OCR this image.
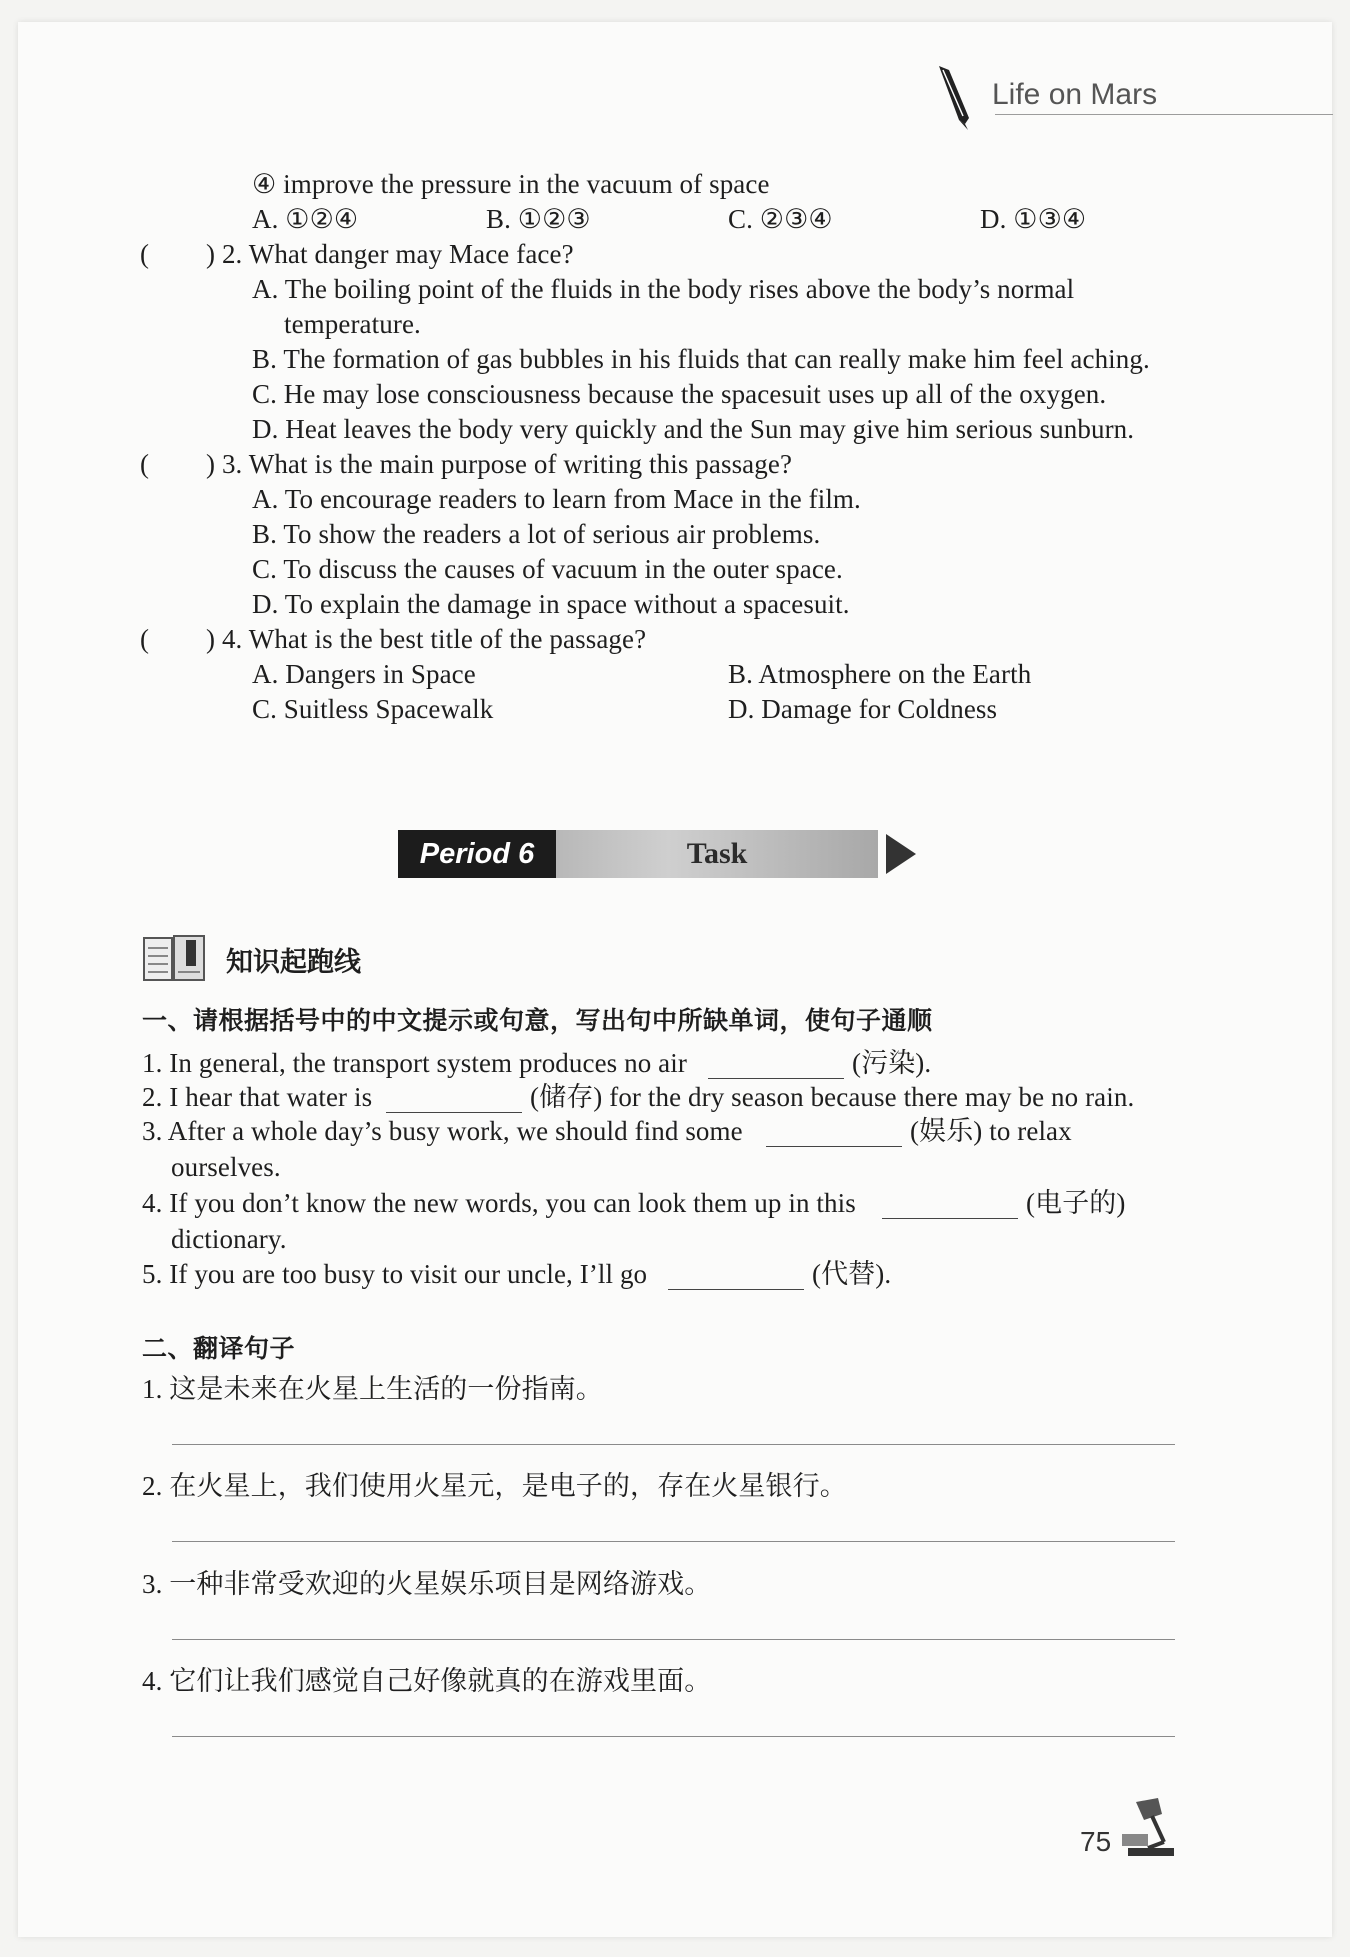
Life on Mars
④ improve the pressure in the vacuum of space
A. ①②④	B. ①②③	C. ②③④	D. ①③④
( ) 2. What danger may Mace face?
A. The boiling point of the fluids in the body rises above the body’s normal
temperature.
B. The formation of gas bubbles in his fluids that can really make him feel aching.
C. He may lose consciousness because the spacesuit uses up all of the oxygen.
D. Heat leaves the body very quickly and the Sun may give him serious sunburn.
( ) 3. What is the main purpose of writing this passage?
A. To encourage readers to learn from Mace in the film.
B. To show the readers a lot of serious air problems.
C. To discuss the causes of vacuum in the outer space.
D. To explain the damage in space without a spacesuit.
( ) 4. What is the best title of the passage?
A. Dangers in Space	B. Atmosphere on the Earth
C. Suitless Spacewalk	D. Damage for Coldness
Period 6	Task
知识起跑线
一、请根据括号中的中文提示或句意，写出句中所缺单词，使句子通顺
1. In general, the transport system produces no air	(污染).
2. I hear that water is	(储存) for the dry season because there may be no rain.
3. After a whole day’s busy work, we should find some	(娱乐) to relax
ourselves.
4. If you don’t know the new words, you can look them up in this	(电子的)
dictionary.
5. If you are too busy to visit our uncle, I’ll go	(代替).
二、翻译句子
1. 这是未来在火星上生活的一份指南。
2. 在火星上，我们使用火星元，是电子的，存在火星银行。
3. 一种非常受欢迎的火星娱乐项目是网络游戏。
4. 它们让我们感觉自己好像就真的在游戏里面。
75
